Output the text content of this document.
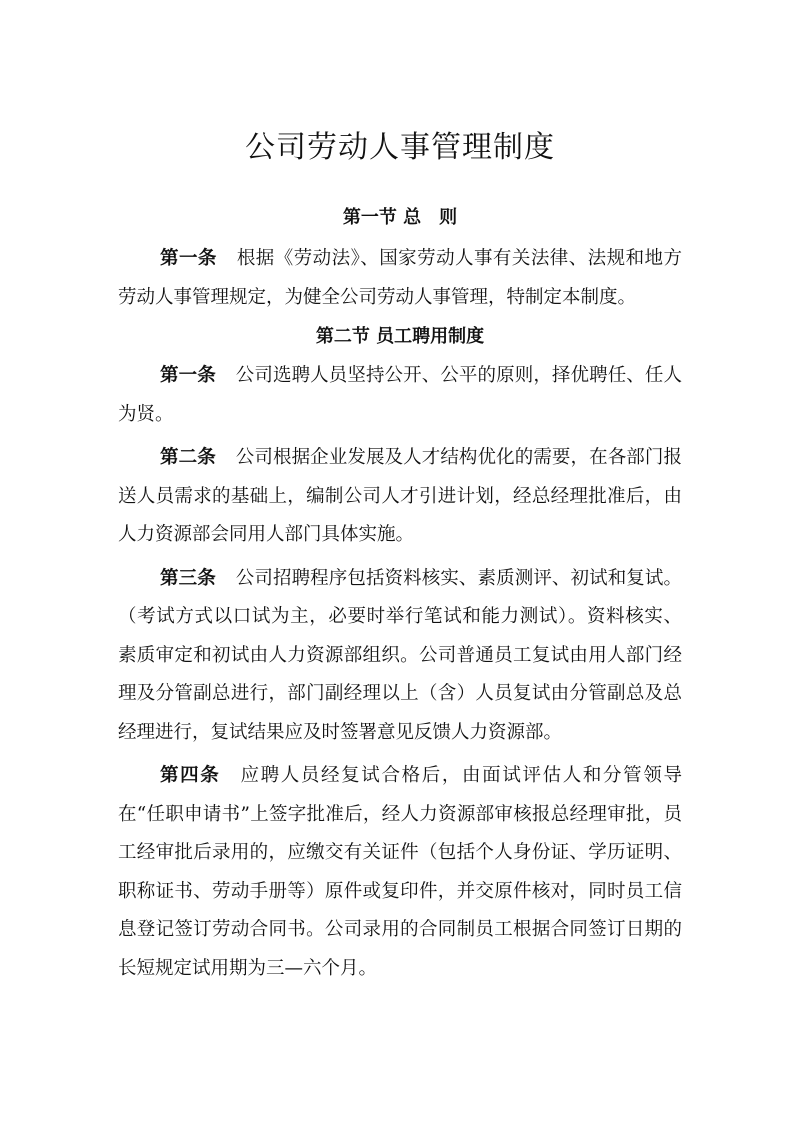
公司劳动人事管理制度
第一节 总　则

第一条 根据《劳动法》、国家劳动人事有关法律、法规和地方劳动人事管理规定，为健全公司劳动人事管理，特制定本制度。

第二节 员工聘用制度

第一条 公司选聘人员坚持公开、公平的原则，择优聘任、任人为贤。

第二条 公司根据企业发展及人才结构优化的需要，在各部门报送人员需求的基础上，编制公司人才引进计划，经总经理批准后，由人力资源部会同用人部门具体实施。

第三条 公司招聘程序包括资料核实、素质测评、初试和复试。（考试方式以口试为主，必要时举行笔试和能力测试）。资料核实、素质审定和初试由人力资源部组织。公司普通员工复试由用人部门经理及分管副总进行，部门副经理以上（含）人员复试由分管副总及总经理进行，复试结果应及时签署意见反馈人力资源部。

第四条 应聘人员经复试合格后，由面试评估人和分管领导在“任职申请书”上签字批准后，经人力资源部审核报总经理审批，员工经审批后录用的，应缴交有关证件（包括个人身份证、学历证明、职称证书、劳动手册等）原件或复印件，并交原件核对，同时员工信息登记签订劳动合同书。公司录用的合同制员工根据合同签订日期的长短规定试用期为三—六个月。
